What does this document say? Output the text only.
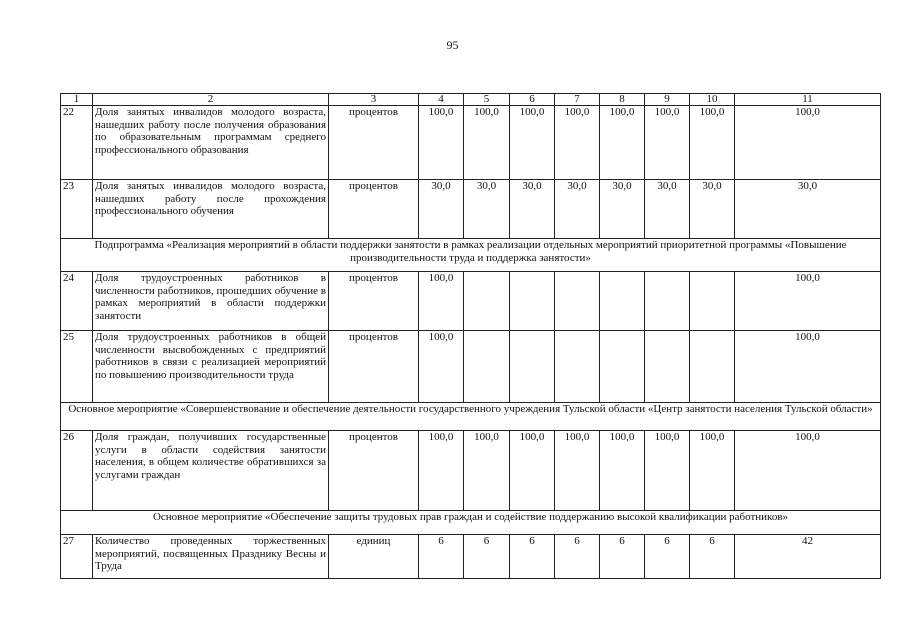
95
1	2	3	4	5	6	7	8	9	10	11
22	Доля занятых инвалидов молодого возраста, нашедших работу после получения образования по образовательным программам среднего профессионального образования	процентов	100,0	100,0	100,0	100,0	100,0	100,0	100,0	100,0
23	Доля занятых инвалидов молодого возраста, нашедших работу после прохождения профессионального обучения	процентов	30,0	30,0	30,0	30,0	30,0	30,0	30,0	30,0
Подпрограмма «Реализация мероприятий в области поддержки занятости в рамках реализации отдельных мероприятий приоритетной программы «Повышение производительности труда и поддержка занятости»										
24	Доля трудоустроенных работников в численности работников, прошедших обучение в рамках мероприятий в области поддержки занятости	процентов	100,0							100,0
25	Доля трудоустроенных работников в общей численности высвобожденных с предприятий работников в связи с реализацией мероприятий по повышению производительности труда	процентов	100,0							100,0
Основное мероприятие «Совершенствование и обеспечение деятельности государственного учреждения Тульской области «Центр занятости населения Тульской области»										
26	Доля граждан, получивших государственные услуги в области содействия занятости населения, в общем количестве обратившихся за услугами граждан	процентов	100,0	100,0	100,0	100,0	100,0	100,0	100,0	100,0
Основное мероприятие «Обеспечение защиты трудовых прав граждан и содействие поддержанию высокой квалификации работников»										
27	Количество проведенных торжественных мероприятий, посвященных Празднику Весны и Труда	единиц	6	6	6	6	6	6	6	42
